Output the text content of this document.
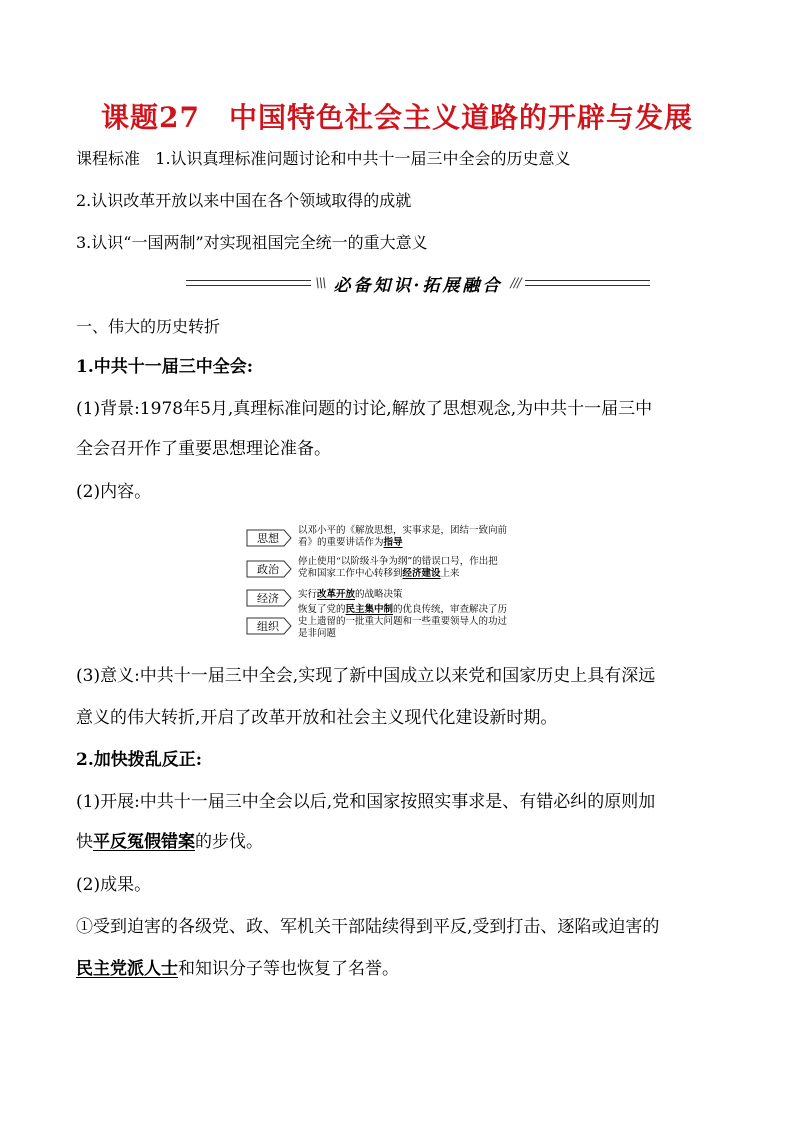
课题27　中国特色社会主义道路的开辟与发展
课程标准 1.认识真理标准问题讨论和中共十一届三中全会的历史意义
2.认识改革开放以来中国在各个领域取得的成就
3.认识“一国两制”对实现祖国完全统一的重大意义
\\\ 必备知识·拓展融合 ///
一、伟大的历史转折
1.中共十一届三中全会:
(1)背景:1978年5月,真理标准问题的讨论,解放了思想观念,为中共十一届三中
全会召开作了重要思想理论准备。
(2)内容。
思想
以邓小平的《解放思想，实事求是，团结一致向前
看》的重要讲话作为指导
政治
停止使用“以阶级斗争为纲”的错误口号，作出把
党和国家工作中心转移到经济建设上来
经济 实行改革开放的战略决策
组织
恢复了党的民主集中制的优良传统，审查解决了历
史上遗留的一批重大问题和一些重要领导人的功过
是非问题
(3)意义:中共十一届三中全会,实现了新中国成立以来党和国家历史上具有深远
意义的伟大转折,开启了改革开放和社会主义现代化建设新时期。
2.加快拨乱反正:
(1)开展:中共十一届三中全会以后,党和国家按照实事求是、有错必纠的原则加
快平反冤假错案的步伐。
(2)成果。
①受到迫害的各级党、政、军机关干部陆续得到平反,受到打击、逐陷或迫害的
民主党派人士和知识分子等也恢复了名誉。
